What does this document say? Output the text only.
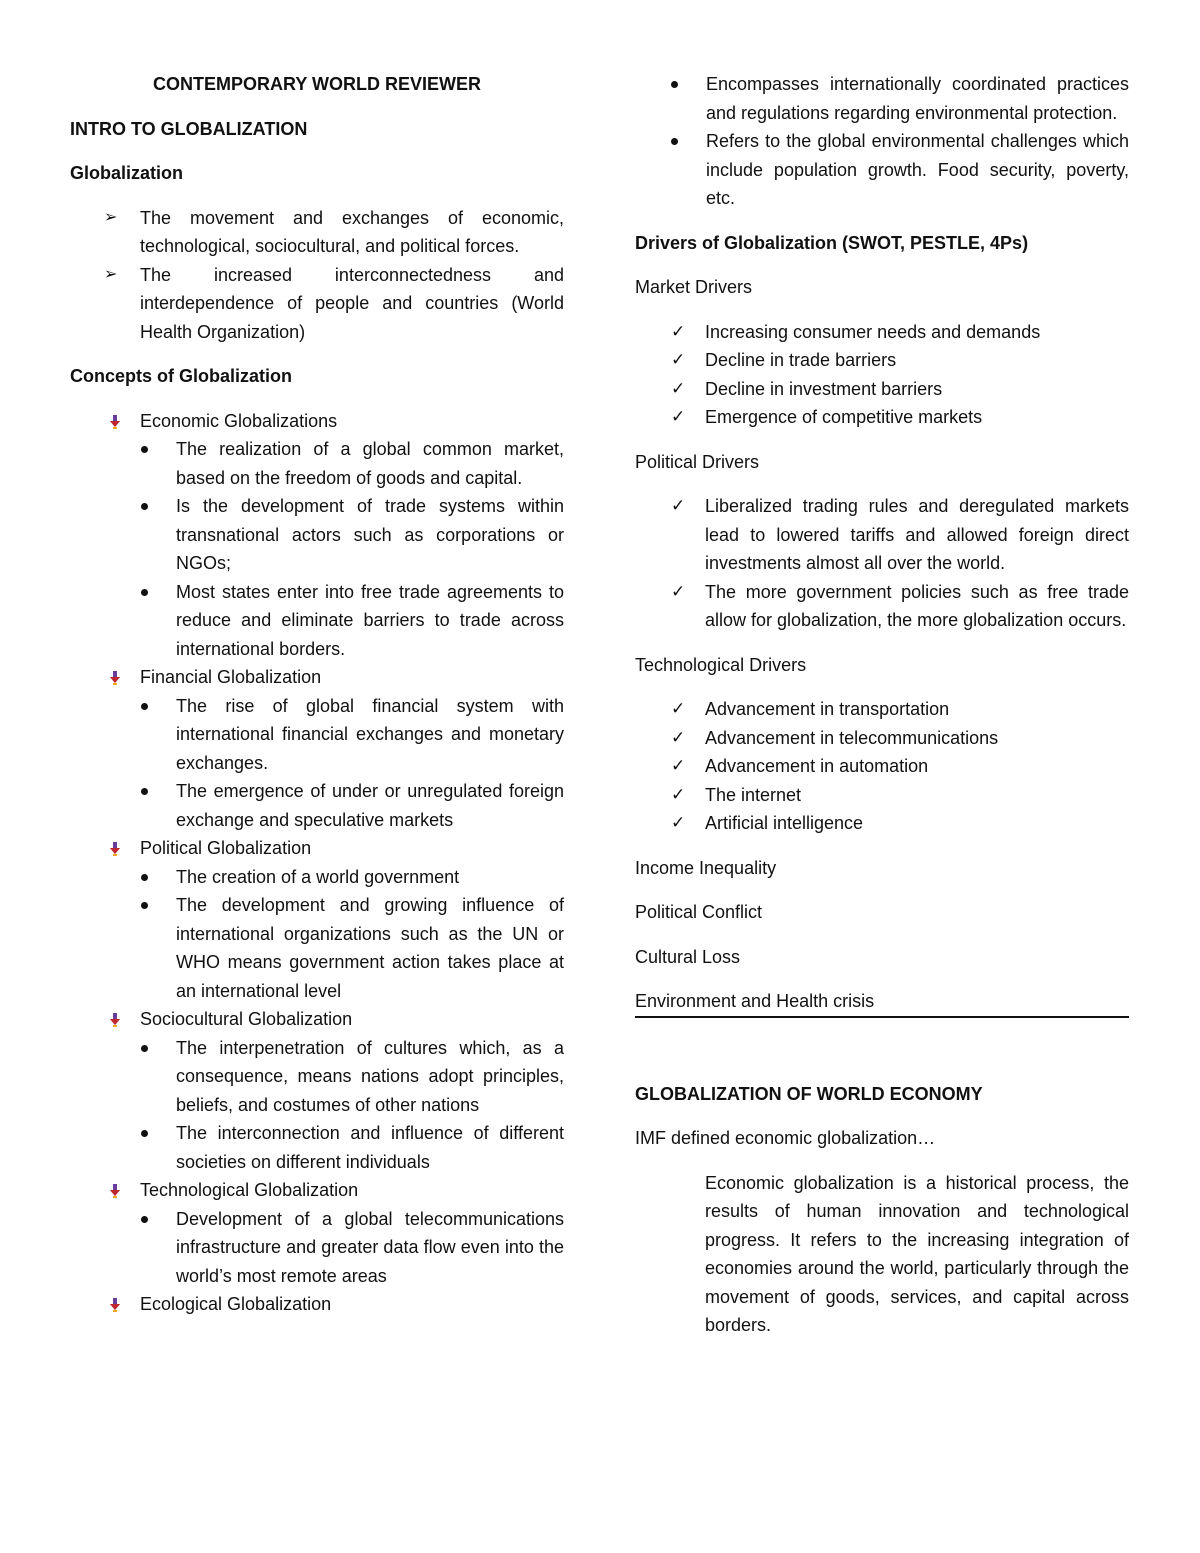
CONTEMPORARY WORLD REVIEWER
INTRO TO GLOBALIZATION
Globalization
➢ The movement and exchanges of economic, technological, sociocultural, and political forces.
➢ The increased interconnectedness and interdependence of people and countries (World Health Organization)
Concepts of Globalization
Economic Globalizations
The realization of a global common market, based on the freedom of goods and capital.
Is the development of trade systems within transnational actors such as corporations or NGOs;
Most states enter into free trade agreements to reduce and eliminate barriers to trade across international borders.
Financial Globalization
The rise of global financial system with international financial exchanges and monetary exchanges.
The emergence of under or unregulated foreign exchange and speculative markets
Political Globalization
The creation of a world government
The development and growing influence of international organizations such as the UN or WHO means government action takes place at an international level
Sociocultural Globalization
The interpenetration of cultures which, as a consequence, means nations adopt principles, beliefs, and costumes of other nations
The interconnection and influence of different societies on different individuals
Technological Globalization
Development of a global telecommunications infrastructure and greater data flow even into the world’s most remote areas
Ecological Globalization
Encompasses internationally coordinated practices and regulations regarding environmental protection.
Refers to the global environmental challenges which include population growth. Food security, poverty, etc.
Drivers of Globalization (SWOT, PESTLE, 4Ps)
Market Drivers
✓ Increasing consumer needs and demands
✓ Decline in trade barriers
✓ Decline in investment barriers
✓ Emergence of competitive markets
Political Drivers
✓ Liberalized trading rules and deregulated markets lead to lowered tariffs and allowed foreign direct investments almost all over the world.
✓ The more government policies such as free trade allow for globalization, the more globalization occurs.
Technological Drivers
✓ Advancement in transportation
✓ Advancement in telecommunications
✓ Advancement in automation
✓ The internet
✓ Artificial intelligence
Income Inequality
Political Conflict
Cultural Loss
Environment and Health crisis
GLOBALIZATION OF WORLD ECONOMY
IMF defined economic globalization…
Economic globalization is a historical process, the results of human innovation and technological progress. It refers to the increasing integration of economies around the world, particularly through the movement of goods, services, and capital across borders.
